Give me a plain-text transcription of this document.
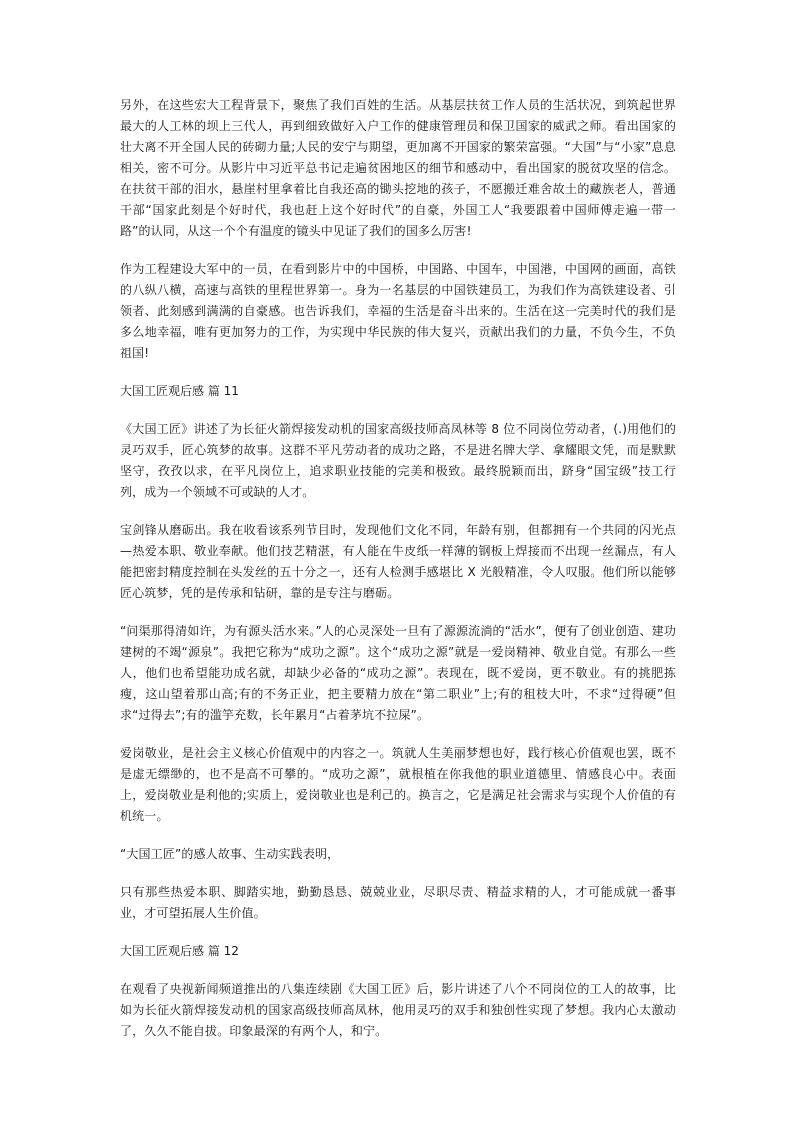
另外，在这些宏大工程背景下，聚焦了我们百姓的生活。从基层扶贫工作人员的生活状况，到筑起世界最大的人工林的坝上三代人，再到细致做好入户工作的健康管理员和保卫国家的威武之师。看出国家的壮大离不开全国人民的砖砌力量;人民的安宁与期望，更加离不开国家的繁荣富强。“大国”与“小家”息息相关，密不可分。从影片中习近平总书记走遍贫困地区的细节和感动中，看出国家的脱贫攻坚的信念。在扶贫干部的泪水，悬崖村里拿着比自我还高的锄头挖地的孩子，不愿搬迁难舍故土的藏族老人，普通干部“国家此刻是个好时代，我也赶上这个好时代”的自豪，外国工人“我要跟着中国师傅走遍一带一路”的认同，从这一个个有温度的镜头中见证了我们的国多么厉害!

作为工程建设大军中的一员，在看到影片中的中国桥，中国路、中国车，中国港，中国网的画面，高铁的八纵八横，高速与高铁的里程世界第一。身为一名基层的中国铁建员工，为我们作为高铁建设者、引领者、此刻感到满满的自豪感。也告诉我们，幸福的生活是奋斗出来的。生活在这一完美时代的我们是多么地幸福，唯有更加努力的工作，为实现中华民族的伟大复兴，贡献出我们的力量，不负今生，不负祖国!

大国工匠观后感 篇 11

《大国工匠》讲述了为长征火箭焊接发动机的国家高级技师高凤林等 8 位不同岗位劳动者，(.)用他们的灵巧双手，匠心筑梦的故事。这群不平凡劳动者的成功之路，不是进名牌大学、拿耀眼文凭，而是默默坚守，孜孜以求，在平凡岗位上，追求职业技能的完美和极致。最终脱颖而出，跻身“国宝级”技工行列，成为一个领域不可或缺的人才。

宝剑锋从磨砺出。我在收看该系列节目时，发现他们文化不同，年龄有别，但都拥有一个共同的闪光点—热爱本职、敬业奉献。他们技艺精湛，有人能在牛皮纸一样薄的钢板上焊接而不出现一丝漏点，有人能把密封精度控制在头发丝的五十分之一，还有人检测手感堪比 X 光般精准，令人叹服。他们所以能够匠心筑梦，凭的是传承和钻研，靠的是专注与磨砺。

“问渠那得清如许，为有源头活水来。”人的心灵深处一旦有了源源流淌的“活水”，便有了创业创造、建功建树的不竭“源泉”。我把它称为“成功之源”。这个“成功之源”就是一爱岗精神、敬业自觉。有那么一些人，他们也希望能功成名就，却缺少必备的“成功之源”。表现在，既不爱岗，更不敬业。有的挑肥拣瘦，这山望着那山高;有的不务正业，把主要精力放在“第二职业”上;有的租枝大叶，不求“过得硬”但求“过得去”;有的滥竽充数，长年累月“占着茅坑不拉屎”。

爱岗敬业，是社会主义核心价值观中的内容之一。筑就人生美丽梦想也好，践行核心价值观也罢，既不是虚无缥缈的，也不是高不可攀的。“成功之源”，就根植在你我他的职业道德里、情感良心中。表面上，爱岗敬业是利他的;实质上，爱岗敬业也是利己的。换言之，它是满足社会需求与实现个人价值的有机统一。

“大国工匠”的感人故事、生动实践表明，

只有那些热爱本职、脚踏实地，勤勤恳恳、兢兢业业，尽职尽责、精益求精的人，才可能成就一番事业，才可望拓展人生价值。

大国工匠观后感 篇 12

在观看了央视新闻频道推出的八集连续剧《大国工匠》后，影片讲述了八个不同岗位的工人的故事，比如为长征火箭焊接发动机的国家高级技师高凤林，他用灵巧的双手和独创性实现了梦想。我内心太激动了，久久不能自拔。印象最深的有两个人，和宁。
